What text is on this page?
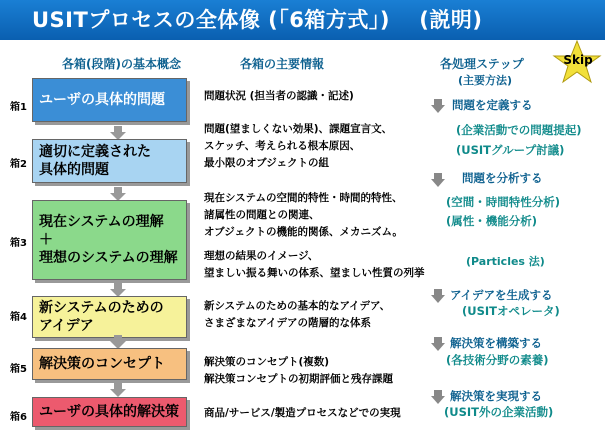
USITプロセスの全体像 (「6箱方式」)　 (説明)
Skip
各箱(段階)の基本概念	各箱の主要情報	各処理ステップ
(主要方法)
箱1 ユーザの具体的問題
箱2
適切に定義された
具体的問題
箱3
現在システムの理解
＋
理想のシステムの理解
箱4
新システムのための
アイデア
箱5 解決策のコンセプト
箱6 ユーザの具体的解決策
問題状況 (担当者の認識・記述)
問題(望ましくない効果)、課題宣言文、
スケッチ、考えられる根本原因、
最小限のオブジェクトの組
現在システムの空間的特性・時間的特性、
諸属性の問題との関連、
オブジェクトの機能的関係、メカニズム。
理想の結果のイメージ、
望ましい振る舞いの体系、望ましい性質の列挙
新システムのための基本的なアイデア、
さまざまなアイデアの階層的な体系
解決策のコンセプト(複数)
解決策コンセプトの初期評価と残存課題
商品/サービス/製造プロセスなどでの実現
問題を定義する
(企業活動での問題提起)
(USITグループ討議)
問題を分析する
(空間・時間特性分析)
(属性・機能分析)
(Particles 法)
アイデアを生成する
(USITオペレータ)
解決策を構築する
(各技術分野の素養)
解決策を実現する
(USIT外の企業活動)
